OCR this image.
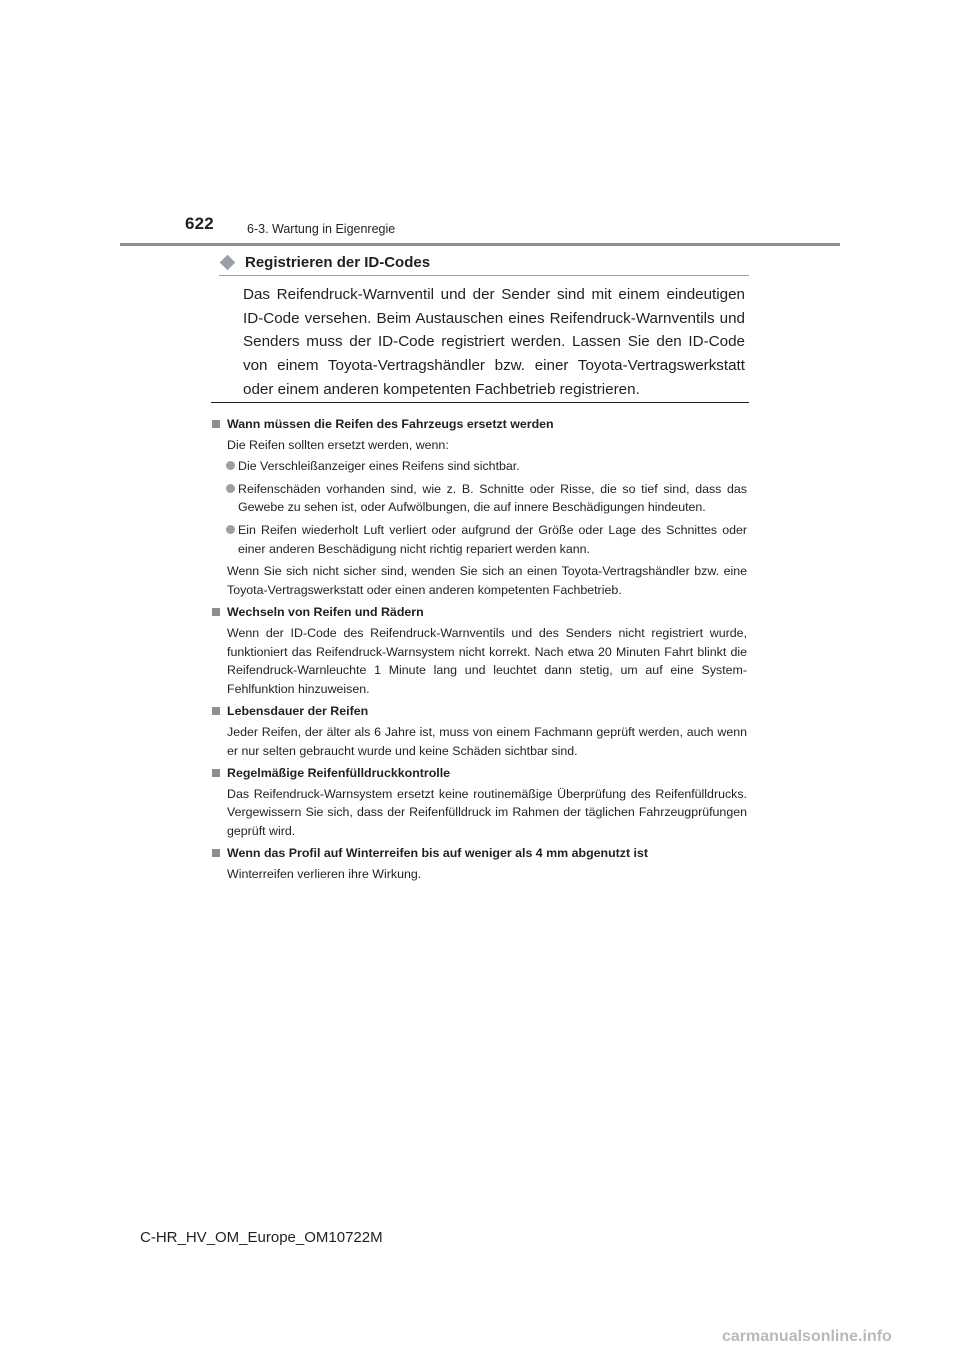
622	6-3. Wartung in Eigenregie
Registrieren der ID-Codes
Das Reifendruck-Warnventil und der Sender sind mit einem eindeutigen ID-Code versehen. Beim Austauschen eines Reifendruck-Warnventils und Senders muss der ID-Code registriert werden. Lassen Sie den ID-Code von einem Toyota-Vertragshändler bzw. einer Toyota-Vertragswerkstatt oder einem anderen kompetenten Fachbetrieb registrieren.
Wann müssen die Reifen des Fahrzeugs ersetzt werden
Die Reifen sollten ersetzt werden, wenn:
Die Verschleißanzeiger eines Reifens sind sichtbar.
Reifenschäden vorhanden sind, wie z. B. Schnitte oder Risse, die so tief sind, dass das Gewebe zu sehen ist, oder Aufwölbungen, die auf innere Beschädigungen hindeuten.
Ein Reifen wiederholt Luft verliert oder aufgrund der Größe oder Lage des Schnittes oder einer anderen Beschädigung nicht richtig repariert werden kann.
Wenn Sie sich nicht sicher sind, wenden Sie sich an einen Toyota-Vertragshändler bzw. eine Toyota-Vertragswerkstatt oder einen anderen kompetenten Fachbetrieb.
Wechseln von Reifen und Rädern
Wenn der ID-Code des Reifendruck-Warnventils und des Senders nicht registriert wurde, funktioniert das Reifendruck-Warnsystem nicht korrekt. Nach etwa 20 Minuten Fahrt blinkt die Reifendruck-Warnleuchte 1 Minute lang und leuchtet dann stetig, um auf eine System-Fehlfunktion hinzuweisen.
Lebensdauer der Reifen
Jeder Reifen, der älter als 6 Jahre ist, muss von einem Fachmann geprüft werden, auch wenn er nur selten gebraucht wurde und keine Schäden sichtbar sind.
Regelmäßige Reifenfülldruckkontrolle
Das Reifendruck-Warnsystem ersetzt keine routinemäßige Überprüfung des Reifenfülldrucks. Vergewissern Sie sich, dass der Reifenfülldruck im Rahmen der täglichen Fahrzeugprüfungen geprüft wird.
Wenn das Profil auf Winterreifen bis auf weniger als 4 mm abgenutzt ist
Winterreifen verlieren ihre Wirkung.
C-HR_HV_OM_Europe_OM10722M
carmanualsonline.info
